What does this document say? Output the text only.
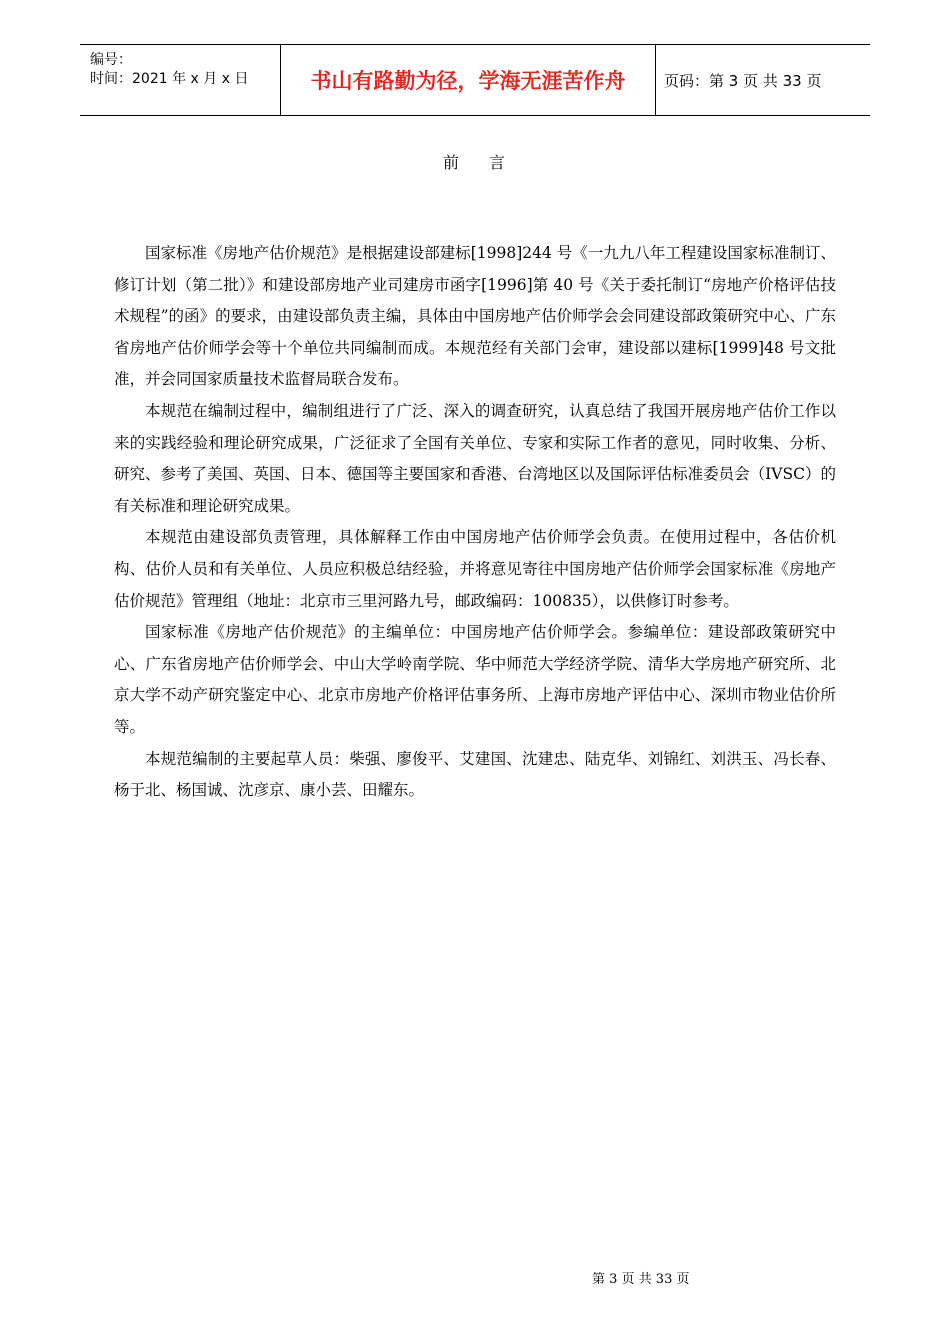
编号：
时间：2021 年 x 月 x 日	书山有路勤为径，学海无涯苦作舟	页码：第 3 页 共 33 页
前 言

国家标准《房地产估价规范》是根据建设部建标[1998]244 号《一九九八年工程建设国家标准制订、修订计划（第二批）》和建设部房地产业司建房市函字[1996]第 40 号《关于委托制订“房地产价格评估技术规程”的函》的要求，由建设部负责主编，具体由中国房地产估价师学会会同建设部政策研究中心、广东省房地产估价师学会等十个单位共同编制而成。本规范经有关部门会审，建设部以建标[1999]48 号文批准，并会同国家质量技术监督局联合发布。

本规范在编制过程中，编制组进行了广泛、深入的调查研究，认真总结了我国开展房地产估价工作以来的实践经验和理论研究成果，广泛征求了全国有关单位、专家和实际工作者的意见，同时收集、分析、研究、参考了美国、英国、日本、德国等主要国家和香港、台湾地区以及国际评估标准委员会（IVSC）的有关标准和理论研究成果。

本规范由建设部负责管理，具体解释工作由中国房地产估价师学会负责。在使用过程中，各估价机构、估价人员和有关单位、人员应积极总结经验，并将意见寄往中国房地产估价师学会国家标准《房地产估价规范》管理组（地址：北京市三里河路九号，邮政编码：100835），以供修订时参考。

国家标准《房地产估价规范》的主编单位：中国房地产估价师学会。参编单位：建设部政策研究中心、广东省房地产估价师学会、中山大学岭南学院、华中师范大学经济学院、清华大学房地产研究所、北京大学不动产研究鉴定中心、北京市房地产价格评估事务所、上海市房地产评估中心、深圳市物业估价所等。

本规范编制的主要起草人员：柴强、廖俊平、艾建国、沈建忠、陆克华、刘锦红、刘洪玉、冯长春、杨于北、杨国诚、沈彦京、康小芸、田耀东。

第 3 页 共 33 页
